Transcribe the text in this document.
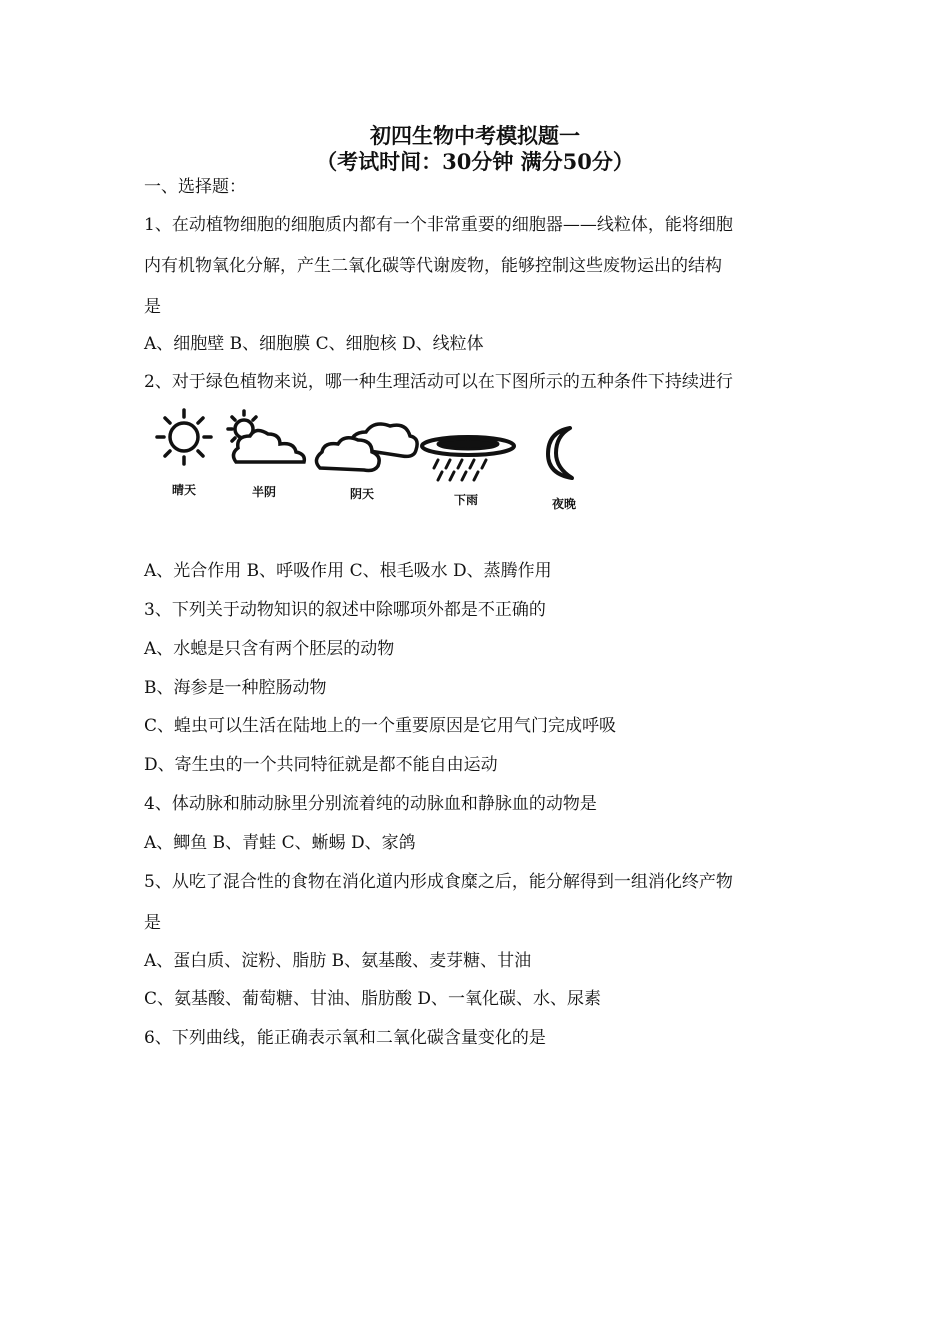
初四生物中考模拟题一
（考试时间：30分钟 满分50分）
一、选择题：
1、在动植物细胞的细胞质内都有一个非常重要的细胞器——线粒体，能将细胞
内有机物氧化分解，产生二氧化碳等代谢废物，能够控制这些废物运出的结构
是
A、细胞壁 B、细胞膜 C、细胞核 D、线粒体
2、对于绿色植物来说，哪一种生理活动可以在下图所示的五种条件下持续进行
晴天	半阴	阴天	下雨	夜晚
A、光合作用 B、呼吸作用 C、根毛吸水 D、蒸腾作用
3、下列关于动物知识的叙述中除哪项外都是不正确的
A、水螅是只含有两个胚层的动物
B、海参是一种腔肠动物
C、蝗虫可以生活在陆地上的一个重要原因是它用气门完成呼吸
D、寄生虫的一个共同特征就是都不能自由运动
4、体动脉和肺动脉里分别流着纯的动脉血和静脉血的动物是
A、鲫鱼 B、青蛙 C、蜥蜴 D、家鸽
5、从吃了混合性的食物在消化道内形成食糜之后，能分解得到一组消化终产物
是
A、蛋白质、淀粉、脂肪 B、氨基酸、麦芽糖、甘油
C、氨基酸、葡萄糖、甘油、脂肪酸 D、一氧化碳、水、尿素
6、下列曲线，能正确表示氧和二氧化碳含量变化的是
